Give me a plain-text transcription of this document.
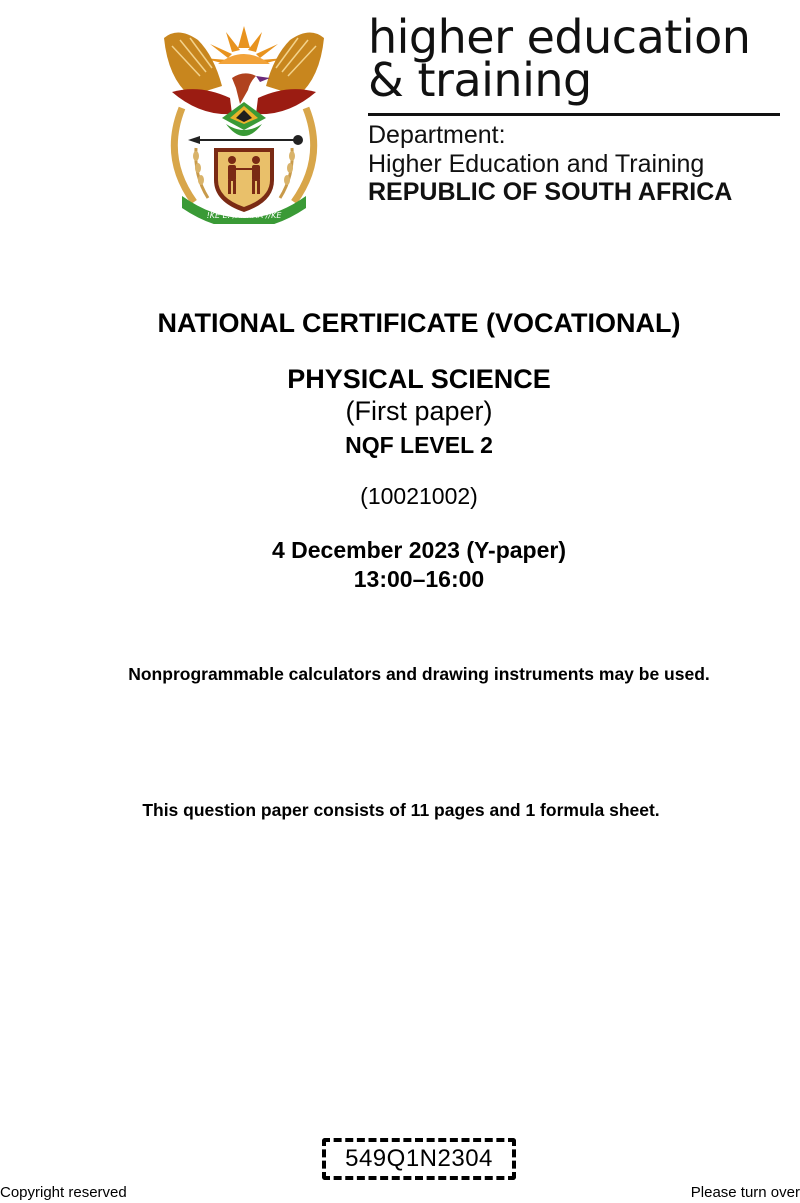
!KE E: /XARRA //KE
higher education
& training
Department:
Higher Education and Training
REPUBLIC OF SOUTH AFRICA
NATIONAL CERTIFICATE (VOCATIONAL)
PHYSICAL SCIENCE
(First paper)
NQF LEVEL 2
(10021002)
4 December 2023 (Y-paper)
13:00–16:00
Nonprogrammable calculators and drawing instruments may be used.
This question paper consists of 11 pages and 1 formula sheet.
549Q1N2304
Copyright reserved	Please turn over
